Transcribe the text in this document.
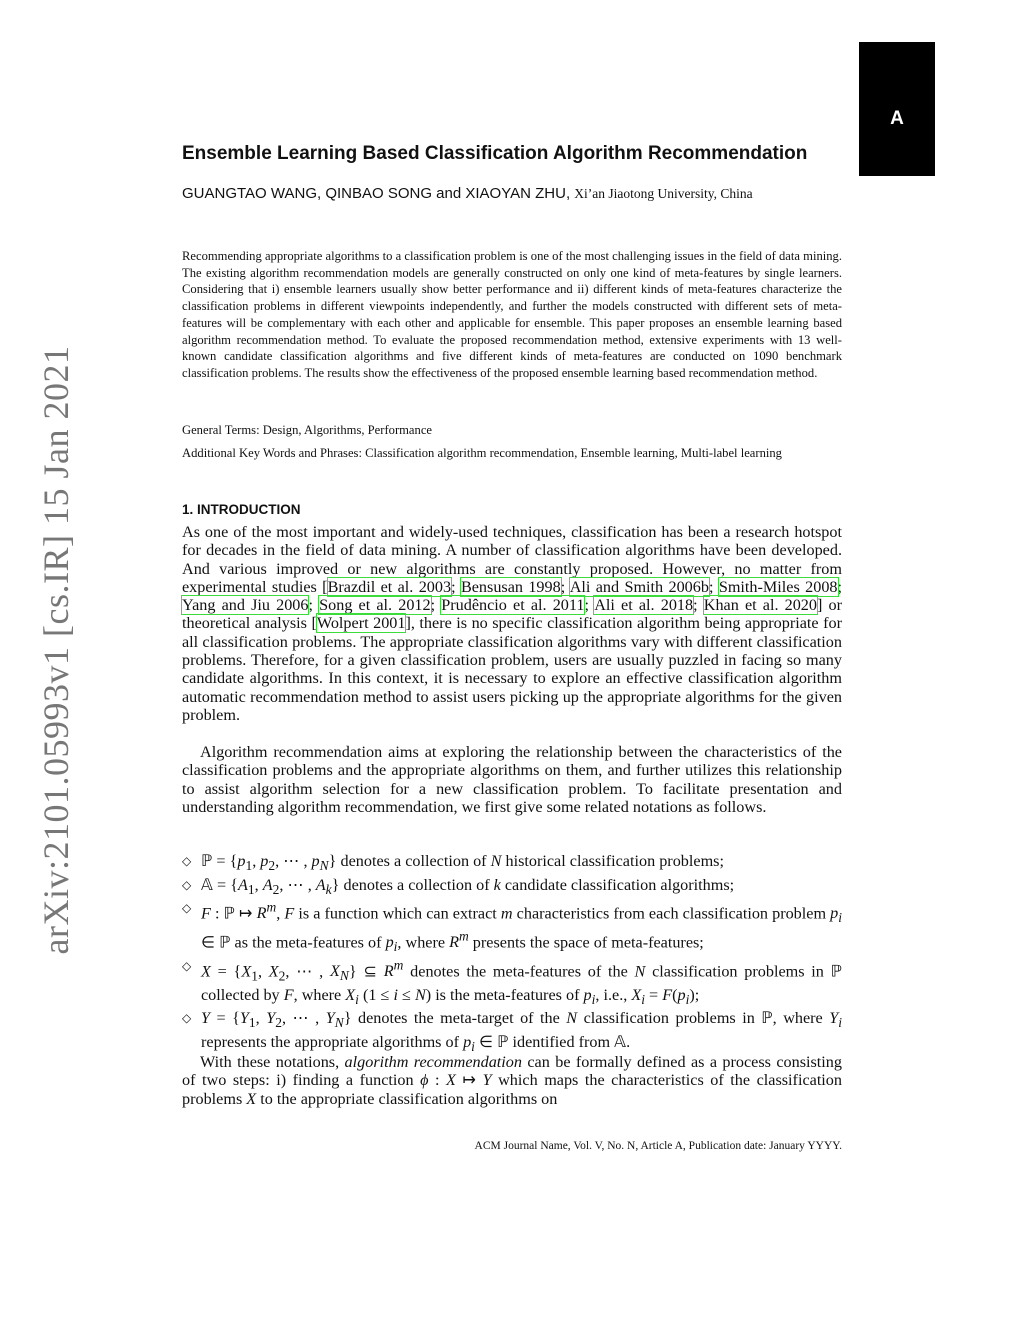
A
arXiv:2101.05993v1 [cs.IR] 15 Jan 2021
Ensemble Learning Based Classification Algorithm Recommendation
GUANGTAO WANG, QINBAO SONG and XIAOYAN ZHU, Xi’an Jiaotong University, China
Recommending appropriate algorithms to a classification problem is one of the most challenging issues in the field of data mining. The existing algorithm recommendation models are generally constructed on only one kind of meta-features by single learners. Considering that i) ensemble learners usually show better performance and ii) different kinds of meta-features characterize the classification problems in different viewpoints independently, and further the models constructed with different sets of meta-features will be complementary with each other and applicable for ensemble. This paper proposes an ensemble learning based algorithm recommendation method. To evaluate the proposed recommendation method, extensive experiments with 13 well-known candidate classification algorithms and five different kinds of meta-features are conducted on 1090 benchmark classification problems. The results show the effectiveness of the proposed ensemble learning based recommendation method.
General Terms: Design, Algorithms, Performance
Additional Key Words and Phrases: Classification algorithm recommendation, Ensemble learning, Multi-label learning
1. INTRODUCTION
As one of the most important and widely-used techniques, classification has been a research hotspot for decades in the field of data mining. A number of classification algorithms have been developed. And various improved or new algorithms are constantly proposed. However, no matter from experimental studies [Brazdil et al. 2003; Bensusan 1998; Ali and Smith 2006b; Smith-Miles 2008; Yang and Jiu 2006; Song et al. 2012; Prudêncio et al. 2011; Ali et al. 2018; Khan et al. 2020] or theoretical analysis [Wolpert 2001], there is no specific classification algorithm being appropriate for all classification problems. The appropriate classification algorithms vary with different classification problems. Therefore, for a given classification problem, users are usually puzzled in facing so many candidate algorithms. In this context, it is necessary to explore an effective classification algorithm automatic recommendation method to assist users picking up the appropriate algorithms for the given problem.
Algorithm recommendation aims at exploring the relationship between the characteristics of the classification problems and the appropriate algorithms on them, and further utilizes this relationship to assist algorithm selection for a new classification problem. To facilitate presentation and understanding algorithm recommendation, we first give some related notations as follows.
◇ ℙ = {$p_1$, $p_2$, ⋯ , $p_N$} denotes a collection of N historical classification problems;
◇ 𝔸 = {$A_1$, $A_2$, ⋯ , $A_k$} denotes a collection of k candidate classification algorithms;
◇ F : ℙ ↦ $R^m$, F is a function which can extract m characteristics from each classification problem $p_i$ ∈ ℙ as the meta-features of $p_i$, where $R^m$ presents the space of meta-features;
◇ $X = \{X_1$, $X_2$, ⋯ , $X_N$} ⊆ $R^m$ denotes the meta-features of the N classification problems in ℙ collected by F, where $X_i$ (1 ≤ i ≤ N) is the meta-features of $p_i$, i.e., $X_i = F(p_i)$;
◇ $Y = \{Y_1$, $Y_2$, ⋯ , $Y_N$} denotes the meta-target of the N classification problems in ℙ, where $Y_i$ represents the appropriate algorithms of $p_i$ ∈ ℙ identified from 𝔸.
With these notations, algorithm recommendation can be formally defined as a process consisting of two steps: i) finding a function ϕ : X ↦ Y which maps the characteristics of the classification problems X to the appropriate classification algorithms on
ACM Journal Name, Vol. V, No. N, Article A, Publication date: January YYYY.
